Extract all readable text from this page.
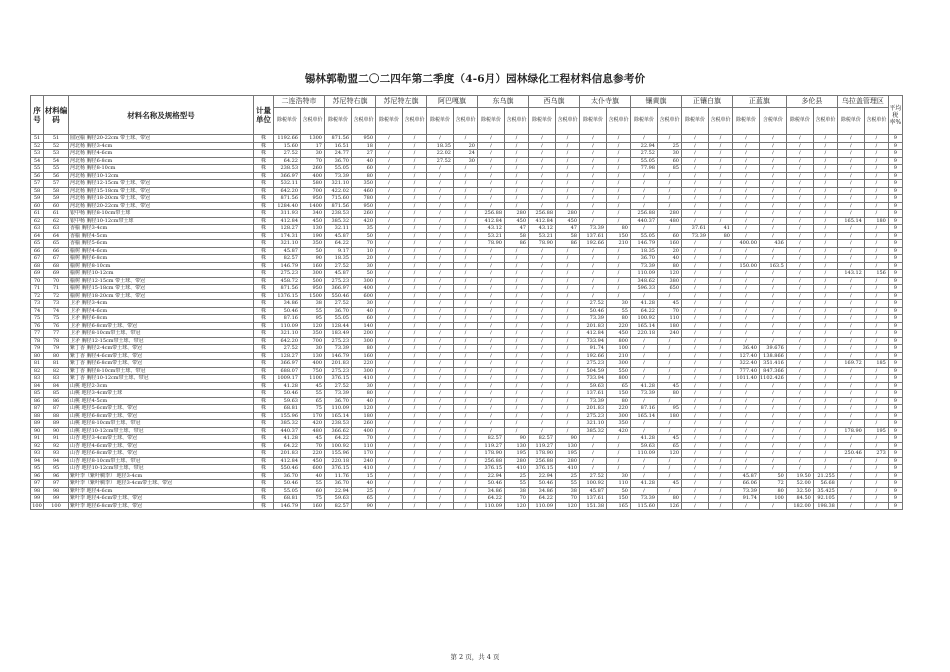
锡林郭勒盟二〇二四年第二季度（4-6月）园林绿化工程材料信息参考价
序号	材料编码	材料名称及规格型号	计量单位	二连浩特市		苏尼特右旗		苏尼特左旗		阿巴嘎旗		东乌旗		西乌旗		太仆寺旗		镶黄旗		正镶白旗		正蓝旗		多伦县		乌拉盖管理区		平均税率%
				除税单价	含税单价	除税单价	含税单价	除税单价	含税单价	除税单价	含税单价	除税单价	含税单价	除税单价	含税单价	除税单价	含税单价	除税单价	含税单价	除税单价	含税单价	除税单价	含税单价	除税单价	含税单价	除税单价	含税单价	
51	51	圆冠榆 胸径20-22cm 带土球、带冠	株	1192.66	1300	871.56	950	/	/	/	/	/	/	/	/	/	/	/	/	/	/	/	/	/	/	/	/	9
52	52	河北杨 胸径3-4cm	株	15.60	17	16.51	18	/	/	18.35	20	/	/	/	/	/	/	22.94	25	/	/	/	/	/	/	/	/	9
53	53	河北杨 胸径4-6cm	株	27.52	30	24.77	27	/	/	22.02	24	/	/	/	/	/	/	27.52	30	/	/	/	/	/	/	/	/	9
54	54	河北杨 胸径6-8cm	株	64.22	70	36.70	40	/	/	27.52	30	/	/	/	/	/	/	55.05	60	/	/	/	/	/	/	/	/	9
55	55	河北杨 胸径8-10cm	株	238.53	260	55.05	60	/	/	/	/	/	/	/	/	/	/	77.98	85	/	/	/	/	/	/	/	/	9
56	56	河北杨 胸径10-12cm	株	366.97	400	73.39	80	/	/	/	/	/	/	/	/	/	/	/	/	/	/	/	/	/	/	/	/	9
57	57	河北杨 胸径12-15cm 带土球、带冠	株	532.11	580	321.10	350	/	/	/	/	/	/	/	/	/	/	/	/	/	/	/	/	/	/	/	/	9
58	58	河北杨 胸径15-18cm 带土球、带冠	株	642.20	700	422.02	460	/	/	/	/	/	/	/	/	/	/	/	/	/	/	/	/	/	/	/	/	9
59	59	河北杨 胸径18-20cm 带土球、带冠	株	871.56	950	715.60	780	/	/	/	/	/	/	/	/	/	/	/	/	/	/	/	/	/	/	/	/	9
60	60	河北杨 胸径20-22cm 带土球、带冠	株	1284.40	1400	871.56	950	/	/	/	/	/	/	/	/	/	/	/	/	/	/	/	/	/	/	/	/	9
61	61	银中杨 胸径8-10cm带土球	株	311.93	340	238.53	260	/	/	/	/	256.88	280	256.88	280	/	/	256.88	280	/	/	/	/	/	/	/	/	9
62	62	银中杨 胸径10-12cm带土球	株	412.84	450	385.32	420	/	/	/	/	412.84	450	412.84	450	/	/	440.37	480	/	/	/	/	/	/	165.14	180	9
63	63	香榆 胸径3-4cm	株	128.27	130	32.11	35	/	/	/	/	43.12	47	43.12	47	73.39	80	/	/	37.61	41	/	/	/	/	/	/	9
64	64	香榆 胸径4-5cm	株	174.31	190	45.87	50	/	/	/	/	53.21	58	53.21	58	137.61	150	55.05	60	73.39	80	/	/	/	/	/	/	9
65	65	香榆 胸径5-6cm	株	321.10	350	64.22	70	/	/	/	/	78.90	86	78.90	86	192.66	210	146.79	160	/	/	400.00	436	/	/	/	/	9
66	66	榆树 胸径4-6cm	株	45.87	50	9.17	10	/	/	/	/	/	/	/	/	/	/	18.35	20	/	/	/	/	/	/	/	/	9
67	67	榆树 胸径6-8cm	株	82.57	90	18.35	20	/	/	/	/	/	/	/	/	/	/	36.70	40	/	/	/	/	/	/	/	/	9
68	68	榆树 胸径8-10cm	株	146.79	160	27.52	30	/	/	/	/	/	/	/	/	/	/	73.39	80	/	/	150.00	163.5	/	/	/	/	9
69	69	榆树 胸径10-12cm	株	275.23	300	45.87	50	/	/	/	/	/	/	/	/	/	/	110.09	120	/	/	/	/	/	/	143.12	156	9
70	70	榆树 胸径12-15cm 带土球、带冠	株	458.72	500	275.23	300	/	/	/	/	/	/	/	/	/	/	348.62	380	/	/	/	/	/	/	/	/	9
71	71	榆树 胸径15-18cm 带土球、带冠	株	871.56	950	366.97	400	/	/	/	/	/	/	/	/	/	/	596.33	650	/	/	/	/	/	/	/	/	9
72	72	榆树 胸径18-20cm 带土球、带冠	株	1376.15	1500	550.46	600	/	/	/	/	/	/	/	/	/	/	/	/	/	/	/	/	/	/	/	/	9
73	73	卫矛 胸径3-4cm	株	34.86	38	27.52	30	/	/	/	/	/	/	/	/	27.52	30	41.28	45	/	/	/	/	/	/	/	/	9
74	74	卫矛 胸径4-6cm	株	50.46	55	36.70	40	/	/	/	/	/	/	/	/	50.46	55	64.22	70	/	/	/	/	/	/	/	/	9
75	75	卫矛 胸径6-8cm	株	87.16	95	55.05	60	/	/	/	/	/	/	/	/	73.39	80	100.92	110	/	/	/	/	/	/	/	/	9
76	76	卫矛 胸径6-8cm带土球、带冠	株	110.09	120	128.44	140	/	/	/	/	/	/	/	/	201.83	220	165.14	180	/	/	/	/	/	/	/	/	9
77	77	卫矛 胸径8-10cm带土球、带冠	株	321.10	350	183.49	200	/	/	/	/	/	/	/	/	412.84	450	220.18	240	/	/	/	/	/	/	/	/	9
78	78	卫矛 胸径12-15cm带土球、带冠	株	642.20	700	275.23	300	/	/	/	/	/	/	/	/	733.94	800	/	/	/	/	/	/	/	/	/	/	9
79	79	紫丁香 胸径2-4cm带土球、带冠	株	27.52	30	73.39	80	/	/	/	/	/	/	/	/	91.74	100	/	/	/	/	36.40	39.676	/	/	/	/	9
80	80	紫丁香 胸径4-6cm带土球、带冠	株	128.27	130	146.79	160	/	/	/	/	/	/	/	/	192.66	210	/	/	/	/	127.40	138.866	/	/	/	/	9
81	81	紫丁香 胸径6-8cm带土球、带冠	株	366.97	400	201.83	220	/	/	/	/	/	/	/	/	275.23	300	/	/	/	/	322.40	351.416	/	/	169.72	185	9
82	82	紫丁香 胸径8-10cm带土球、带冠	株	688.07	750	275.23	300	/	/	/	/	/	/	/	/	504.59	550	/	/	/	/	777.40	847.366	/	/	/	/	9
83	83	紫丁香 胸径10-12cm带土球、带冠	株	1009.17	1100	376.15	410	/	/	/	/	/	/	/	/	733.94	800	/	/	/	/	1011.40	1102.426	/	/	/	/	9
84	84	山桃 地径2-3cm	株	41.28	45	27.52	30	/	/	/	/	/	/	/	/	59.63	65	41.28	45	/	/	/	/	/	/	/	/	9
85	85	山桃 地径3-4cm带土球	株	50.46	55	73.39	80	/	/	/	/	/	/	/	/	137.61	150	73.39	80	/	/	/	/	/	/	/	/	9
86	86	山桃 地径4-5cm	株	59.63	65	36.70	40	/	/	/	/	/	/	/	/	73.39	80	/	/	/	/	/	/	/	/	/	/	9
87	87	山桃 地径5-6cm带土球、带冠	株	68.81	75	110.09	120	/	/	/	/	/	/	/	/	201.83	220	87.16	95	/	/	/	/	/	/	/	/	9
88	88	山桃 地径6-8cm带土球、带冠	株	155.96	170	165.14	180	/	/	/	/	/	/	/	/	275.23	300	165.14	180	/	/	/	/	/	/	/	/	9
89	89	山桃 地径8-10cm带土球、带冠	株	385.32	420	238.53	260	/	/	/	/	/	/	/	/	321.10	350	/	/	/	/	/	/	/	/	/	/	9
90	90	山桃 地径10-12cm带土球、带冠	株	440.37	480	366.62	400	/	/	/	/	/	/	/	/	385.32	420	/	/	/	/	/	/	/	/	178.90	195	9
91	91	山杏 地径3-4cm带土球、带冠	株	41.28	45	64.22	70	/	/	/	/	82.57	90	82.57	90	/	/	41.28	45	/	/	/	/	/	/	/	/	9
92	92	山杏 地径4-6cm带土球、带冠	株	64.22	70	100.92	110	/	/	/	/	119.27	130	119.27	130	/	/	59.63	65	/	/	/	/	/	/	/	/	9
93	93	山杏 地径6-8cm带土球、带冠	株	201.83	220	155.96	170	/	/	/	/	178.90	195	178.90	195	/	/	110.09	120	/	/	/	/	/	/	250.46	273	9
94	94	山杏 地径8-10cm带土球、带冠	株	412.84	450	220.18	240	/	/	/	/	256.88	280	256.88	280	/	/	/	/	/	/	/	/	/	/	/	/	9
95	95	山杏 地径10-12cm带土球、带冠	株	550.46	600	376.15	410	/	/	/	/	376.15	410	376.15	410	/	/	/	/	/	/	/	/	/	/	/	/	9
96	96	紫叶李（紫叶稠李） 地径3-4cm	株	36.70	40	11.76	15	/	/	/	/	22.94	25	22.94	25	27.52	30	/	/	/	/	45.87	50	19.50	21.255	/	/	9
97	97	紫叶李（紫叶稠李） 地径3-4cm带土球、带冠	株	50.46	55	36.70	40	/	/	/	/	50.46	55	50.46	55	100.92	110	41.28	45	/	/	66.06	72	52.00	56.68	/	/	9
98	98	紫叶李 地径4-6cm	株	55.05	60	22.94	25	/	/	/	/	34.86	38	34.86	38	45.87	50	/	/	/	/	73.39	80	32.50	35.425	/	/	9
99	99	紫叶李 地径4-6cm带土球、带冠	株	68.81	75	59.63	65	/	/	/	/	64.22	70	64.22	70	137.61	150	73.39	80	/	/	91.74	100	84.50	92.105	/	/	9
100	100	紫叶李 地径6-8cm带土球、带冠	株	146.79	160	82.57	90	/	/	/	/	110.09	120	110.09	120	151.38	165	115.60	126	/	/	/	/	182.00	198.38	/	/	9
第 2 页，共 4 页
